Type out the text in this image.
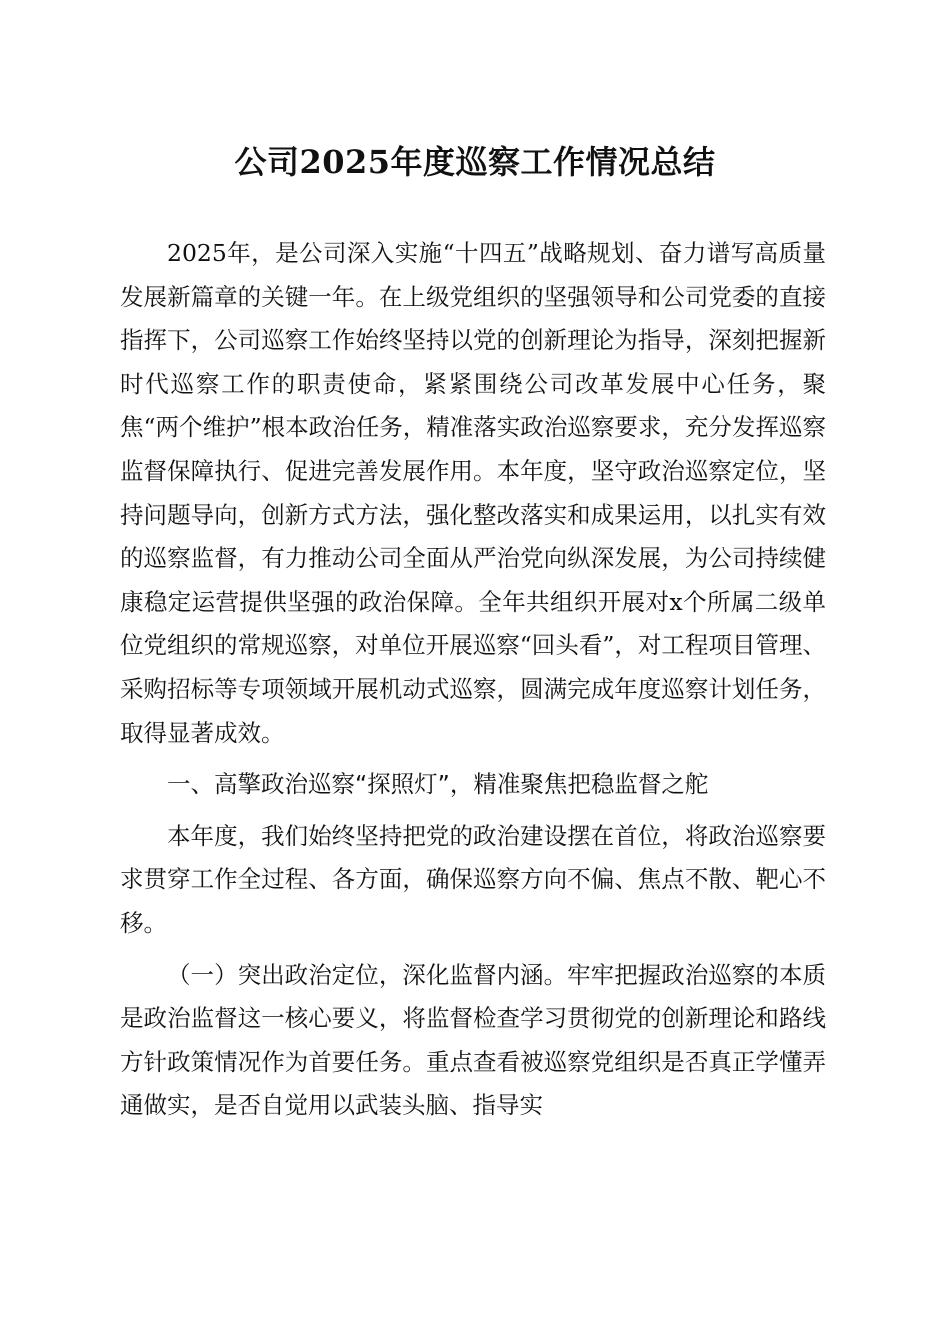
公司2025年度巡察工作情况总结

2025年，是公司深入实施“十四五”战略规划、奋力谱写高质量发展新篇章的关键一年。在上级党组织的坚强领导和公司党委的直接指挥下，公司巡察工作始终坚持以党的创新理论为指导，深刻把握新时代巡察工作的职责使命，紧紧围绕公司改革发展中心任务，聚焦“两个维护”根本政治任务，精准落实政治巡察要求，充分发挥巡察监督保障执行、促进完善发展作用。本年度，坚守政治巡察定位，坚持问题导向，创新方式方法，强化整改落实和成果运用，以扎实有效的巡察监督，有力推动公司全面从严治党向纵深发展，为公司持续健康稳定运营提供坚强的政治保障。全年共组织开展对x个所属二级单位党组织的常规巡察，对单位开展巡察“回头看”，对工程项目管理、采购招标等专项领域开展机动式巡察，圆满完成年度巡察计划任务，取得显著成效。

一、高擎政治巡察“探照灯”，精准聚焦把稳监督之舵

本年度，我们始终坚持把党的政治建设摆在首位，将政治巡察要求贯穿工作全过程、各方面，确保巡察方向不偏、焦点不散、靶心不移。

（一）突出政治定位，深化监督内涵。牢牢把握政治巡察的本质是政治监督这一核心要义，将监督检查学习贯彻党的创新理论和路线方针政策情况作为首要任务。重点查看被巡察党组织是否真正学懂弄通做实，是否自觉用以武装头脑、指导实
